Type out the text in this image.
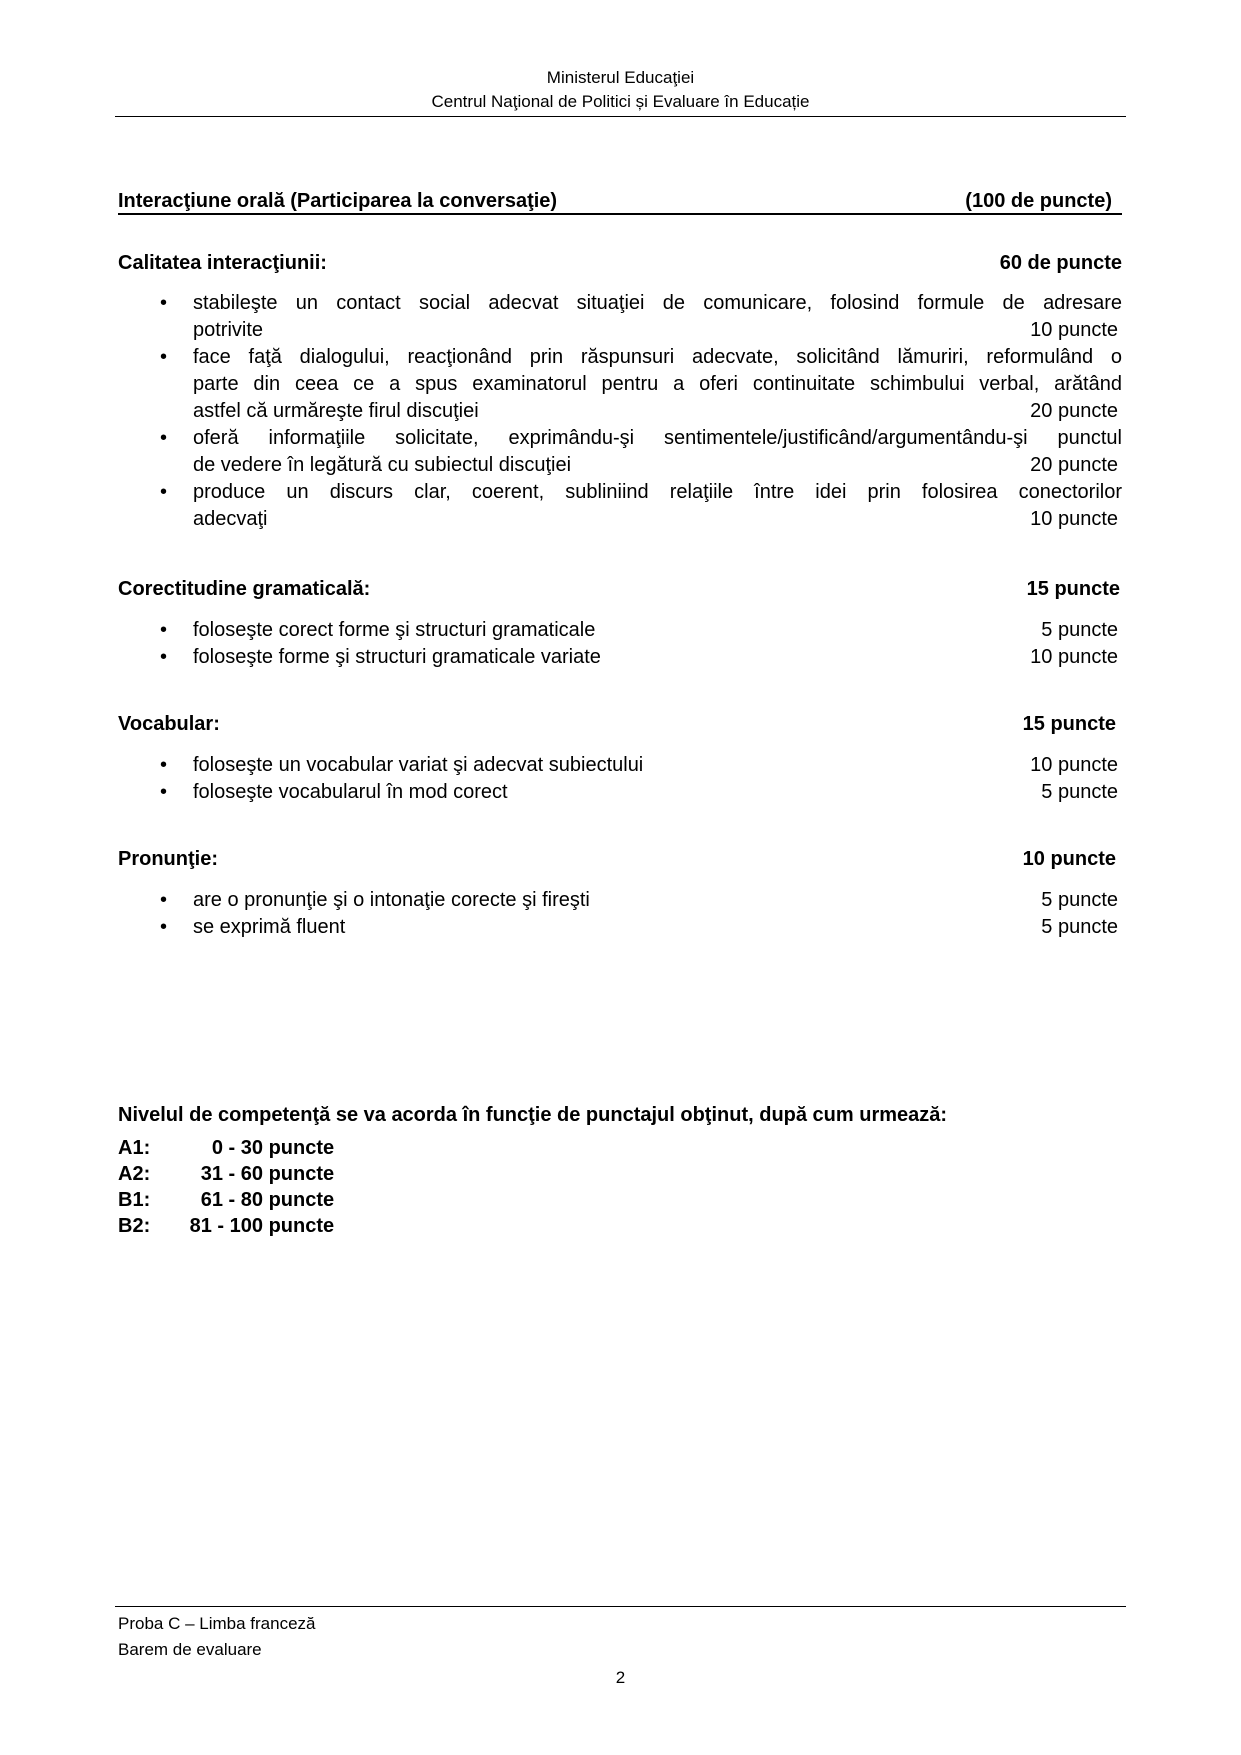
Ministerul Educaţiei
Centrul Naţional de Politici și Evaluare în Educație
Interacţiune orală (Participarea la conversaţie)	(100 de puncte)
Calitatea interacţiunii:	60 de puncte
• stabileşte un contact social adecvat situaţiei de comunicare, folosind formule de adresare
potrivite	10 puncte
• face faţă dialogului, reacţionând prin răspunsuri adecvate, solicitând lămuriri, reformulând o
parte din ceea ce a spus examinatorul pentru a oferi continuitate schimbului verbal, arătând
astfel că urmăreşte firul discuţiei	20 puncte
• oferă informaţiile solicitate, exprimându-şi sentimentele/justificând/argumentându-şi punctul
de vedere în legătură cu subiectul discuţiei	20 puncte
• produce un discurs clar, coerent, subliniind relaţiile între idei prin folosirea conectorilor
adecvaţi	10 puncte
Corectitudine gramaticală:	15 puncte
• foloseşte corect forme şi structuri gramaticale	5 puncte
• foloseşte forme şi structuri gramaticale variate	10 puncte
Vocabular:	15 puncte
• foloseşte un vocabular variat şi adecvat subiectului	10 puncte
• foloseşte vocabularul în mod corect	5 puncte
Pronunţie:	10 puncte
• are o pronunţie şi o intonaţie corecte şi fireşti	5 puncte
• se exprimă fluent	5 puncte
Nivelul de competenţă se va acorda în funcţie de punctajul obţinut, după cum urmează:
A1:	0 - 30 puncte
A2:	31 - 60 puncte
B1:	61 - 80 puncte
B2: 81 - 100 puncte
Proba C – Limba franceză
Barem de evaluare
2
